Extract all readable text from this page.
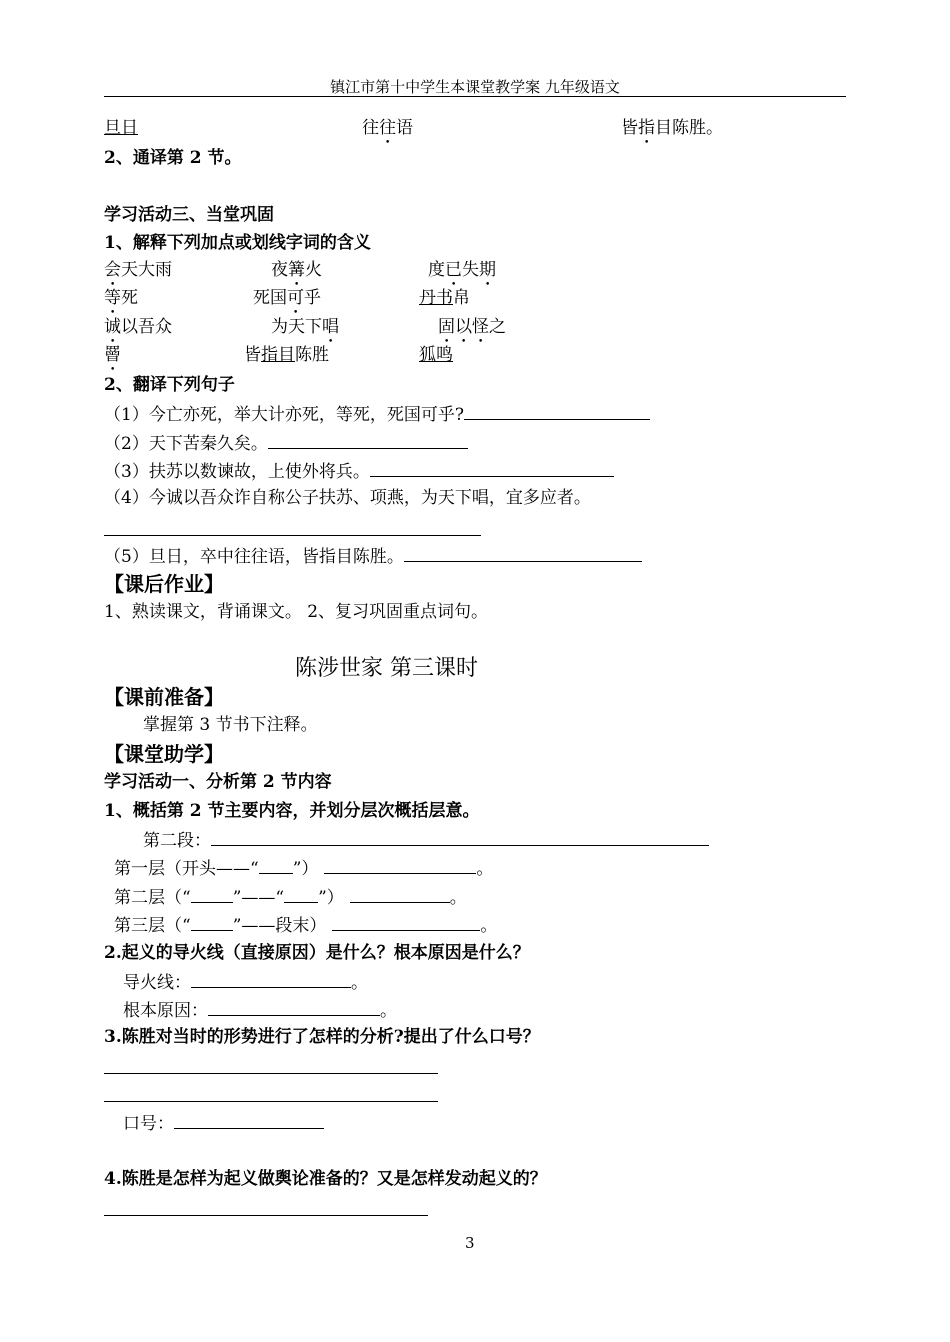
镇江市第十中学生本课堂教学案 九年级语文
旦日	往往语	皆指目陈胜。
2、通译第 2 节。
学习活动三、当堂巩固
1、解释下列加点或划线字词的含义
会天大雨	夜篝火	度已失期
等死	死国可乎	丹书帛
诚以吾众	为天下唱	固以怪之
罾	皆指目陈胜	狐鸣
2、翻译下列句子
（1）今亡亦死，举大计亦死，等死，死国可乎?
（2）天下苦秦久矣。
（3）扶苏以数谏故，上使外将兵。
（4）今诚以吾众诈自称公子扶苏、项燕，为天下唱，宜多应者。
（5）旦日，卒中往往语，皆指目陈胜。
【课后作业】
1、熟读课文，背诵课文。 2、复习巩固重点词句。
陈涉世家 第三课时
【课前准备】
掌握第 3 节书下注释。
【课堂助学】
学习活动一、分析第 2 节内容
1、概括第 2 节主要内容，并划分层次概括层意。
第二段：
第一层（开头——“ ”）	。
第二层（“ ”——“ ”）	。
第三层（“ ”——段末）	。
2.起义的导火线（直接原因）是什么？根本原因是什么？
导火线：	。
根本原因：	。
3.陈胜对当时的形势进行了怎样的分析?提出了什么口号？
口号：
4.陈胜是怎样为起义做舆论准备的？又是怎样发动起义的？
3
